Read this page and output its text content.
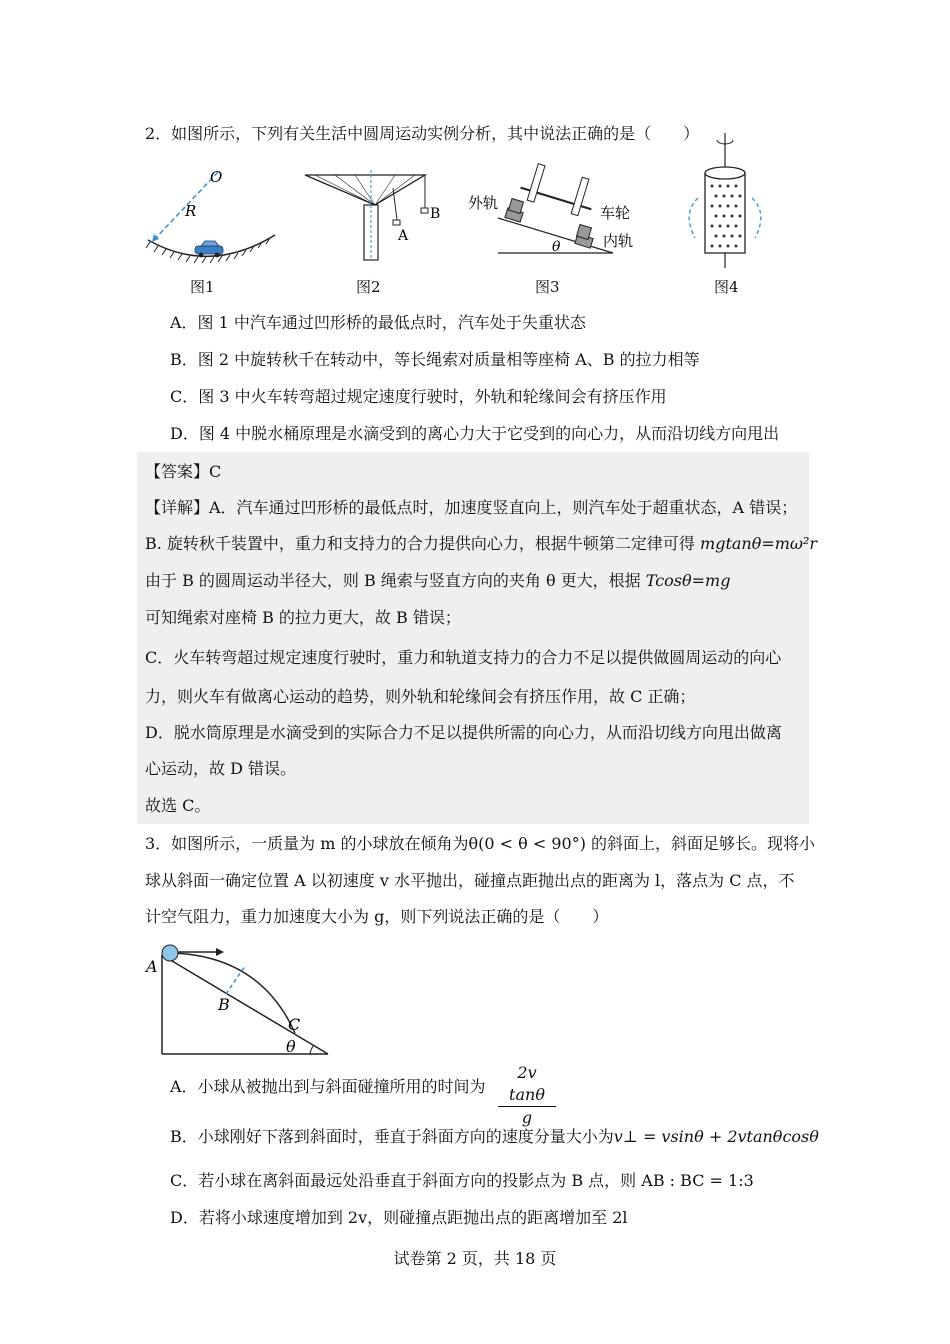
2．如图所示，下列有关生活中圆周运动实例分析，其中说法正确的是（　　）
O
R
图1
A
B
图2
外轨
车轮
内轨
θ
图3	图4
A．图 1 中汽车通过凹形桥的最低点时，汽车处于失重状态
B．图 2 中旋转秋千在转动中，等长绳索对质量相等座椅 A、B 的拉力相等
C．图 3 中火车转弯超过规定速度行驶时，外轨和轮缘间会有挤压作用
D．图 4 中脱水桶原理是水滴受到的离心力大于它受到的向心力，从而沿切线方向甩出
【答案】C
【详解】A．汽车通过凹形桥的最低点时，加速度竖直向上，则汽车处于超重状态，A 错误；
B. 旋转秋千装置中，重力和支持力的合力提供向心力，根据牛顿第二定律可得 mgtanθ=mω²r
由于 B 的圆周运动半径大，则 B 绳索与竖直方向的夹角 θ 更大，根据 Tcosθ=mg
可知绳索对座椅 B 的拉力更大，故 B 错误；
C．火车转弯超过规定速度行驶时，重力和轨道支持力的合力不足以提供做圆周运动的向心
力，则火车有做离心运动的趋势，则外轨和轮缘间会有挤压作用，故 C 正确；
D．脱水筒原理是水滴受到的实际合力不足以提供所需的向心力，从而沿切线方向甩出做离
心运动，故 D 错误。
故选 C。
3．如图所示，一质量为 m 的小球放在倾角为θ(0 < θ < 90°) 的斜面上，斜面足够长。现将小
球从斜面一确定位置 A 以初速度 v 水平抛出，碰撞点距抛出点的距离为 l，落点为 C 点，不
计空气阻力，重力加速度大小为 g，则下列说法正确的是（　　）
A
B
C
θ
A．小球从被抛出到与斜面碰撞所用的时间为 $\frac{\text{2v tanθ}}{g}$
B．小球刚好下落到斜面时，垂直于斜面方向的速度分量大小为v⊥ = vsinθ + 2vtanθcosθ
C．若小球在离斜面最远处沿垂直于斜面方向的投影点为 B 点，则 AB : BC = 1:3
D．若将小球速度增加到 2v，则碰撞点距抛出点的距离增加至 2l
试卷第 2 页，共 18 页
